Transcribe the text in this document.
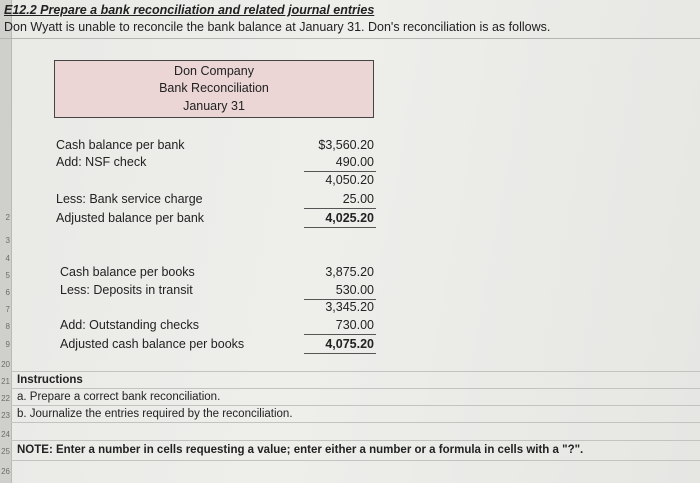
2
3
4
5
6
7
8
9
20
21
22
23
24
25
26
E12.2 Prepare a bank reconciliation and related journal entries
Don Wyatt is unable to reconcile the bank balance at January 31. Don's reconciliation is as follows.
Don Company
Bank Reconciliation
January 31
Cash balance per bank	$3,560.20
Add: NSF check	490.00
4,050.20
Less: Bank service charge	25.00
Adjusted balance per bank	4,025.20
Cash balance per books	3,875.20
Less: Deposits in transit	530.00
3,345.20
Add: Outstanding checks	730.00
Adjusted cash balance per books	4,075.20
Instructions
a. Prepare a correct bank reconciliation.
b. Journalize the entries required by the reconciliation.
NOTE: Enter a number in cells requesting a value; enter either a number or a formula in cells with a "?".
